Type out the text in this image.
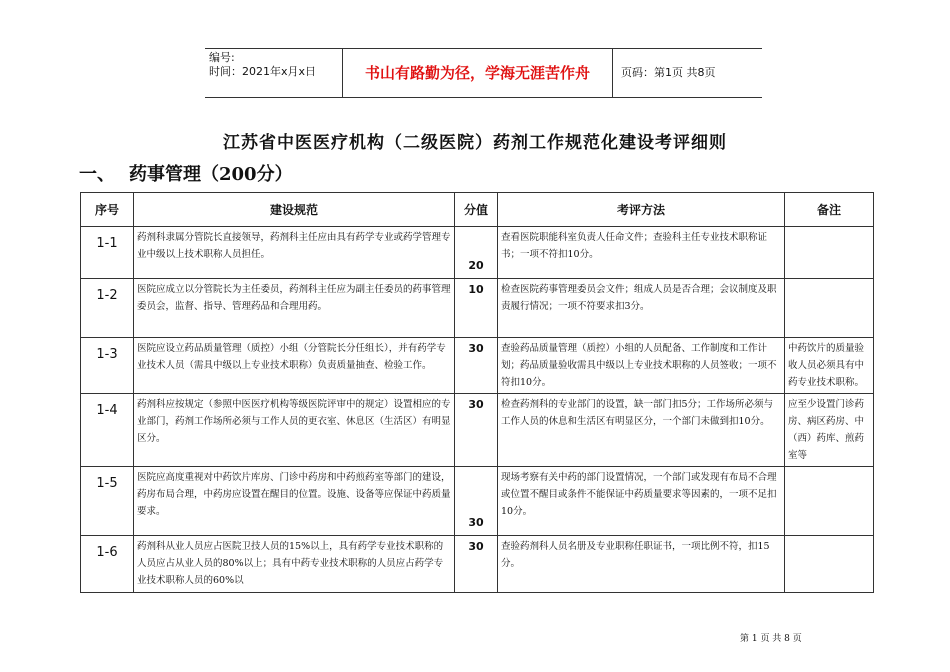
编号:
时间：2021年x月x日	书山有路勤为径，学海无涯苦作舟	页码：第1页 共8页
江苏省中医医疗机构（二级医院）药剂工作规范化建设考评细则
一、 药事管理（200分）
序号	建设规范	分值	考评方法	备注
1-1	药剂科隶属分管院长直接领导，药剂科主任应由具有药学专业或药学管理专业中级以上技术职称人员担任。	20	查看医院职能科室负责人任命文件；查验科主任专业技术职称证书；一项不符扣10分。	
1-2	医院应成立以分管院长为主任委员，药剂科主任应为副主任委员的药事管理委员会，监督、指导、管理药品和合理用药。	10	检查医院药事管理委员会文件；组成人员是否合理；会议制度及职责履行情况；一项不符要求扣3分。	
1-3	医院应设立药品质量管理（质控）小组（分管院长分任组长），并有药学专业技术人员（需具中级以上专业技术职称）负责质量抽查、检验工作。	30	查验药品质量管理（质控）小组的人员配备、工作制度和工作计划；药品质量验收需具中级以上专业技术职称的人员签收；一项不符扣10分。	中药饮片的质量验收人员必须具有中药专业技术职称。
1-4	药剂科应按规定（参照中医医疗机构等级医院评审中的规定）设置相应的专业部门，药剂工作场所必须与工作人员的更衣室、休息区（生活区）有明显区分。	30	检查药剂科的专业部门的设置，缺一部门扣5分；工作场所必须与工作人员的休息和生活区有明显区分，一个部门未做到扣10分。	应至少设置门诊药房、病区药房、中（西）药库、煎药室等
1-5	医院应高度重视对中药饮片库房、门诊中药房和中药煎药室等部门的建设，药房布局合理，中药房应设置在醒目的位置。设施、设备等应保证中药质量要求。	30	现场考察有关中药的部门设置情况，一个部门或发现有布局不合理或位置不醒目或条件不能保证中药质量要求等因素的，一项不足扣10分。	
1-6	药剂科从业人员应占医院卫技人员的15%以上，具有药学专业技术职称的人员应占从业人员的80%以上；具有中药专业技术职称的人员应占药学专业技术职称人员的60%以	30	查验药剂科人员名册及专业职称任职证书，一项比例不符，扣15分。	
第 1 页 共 8 页
